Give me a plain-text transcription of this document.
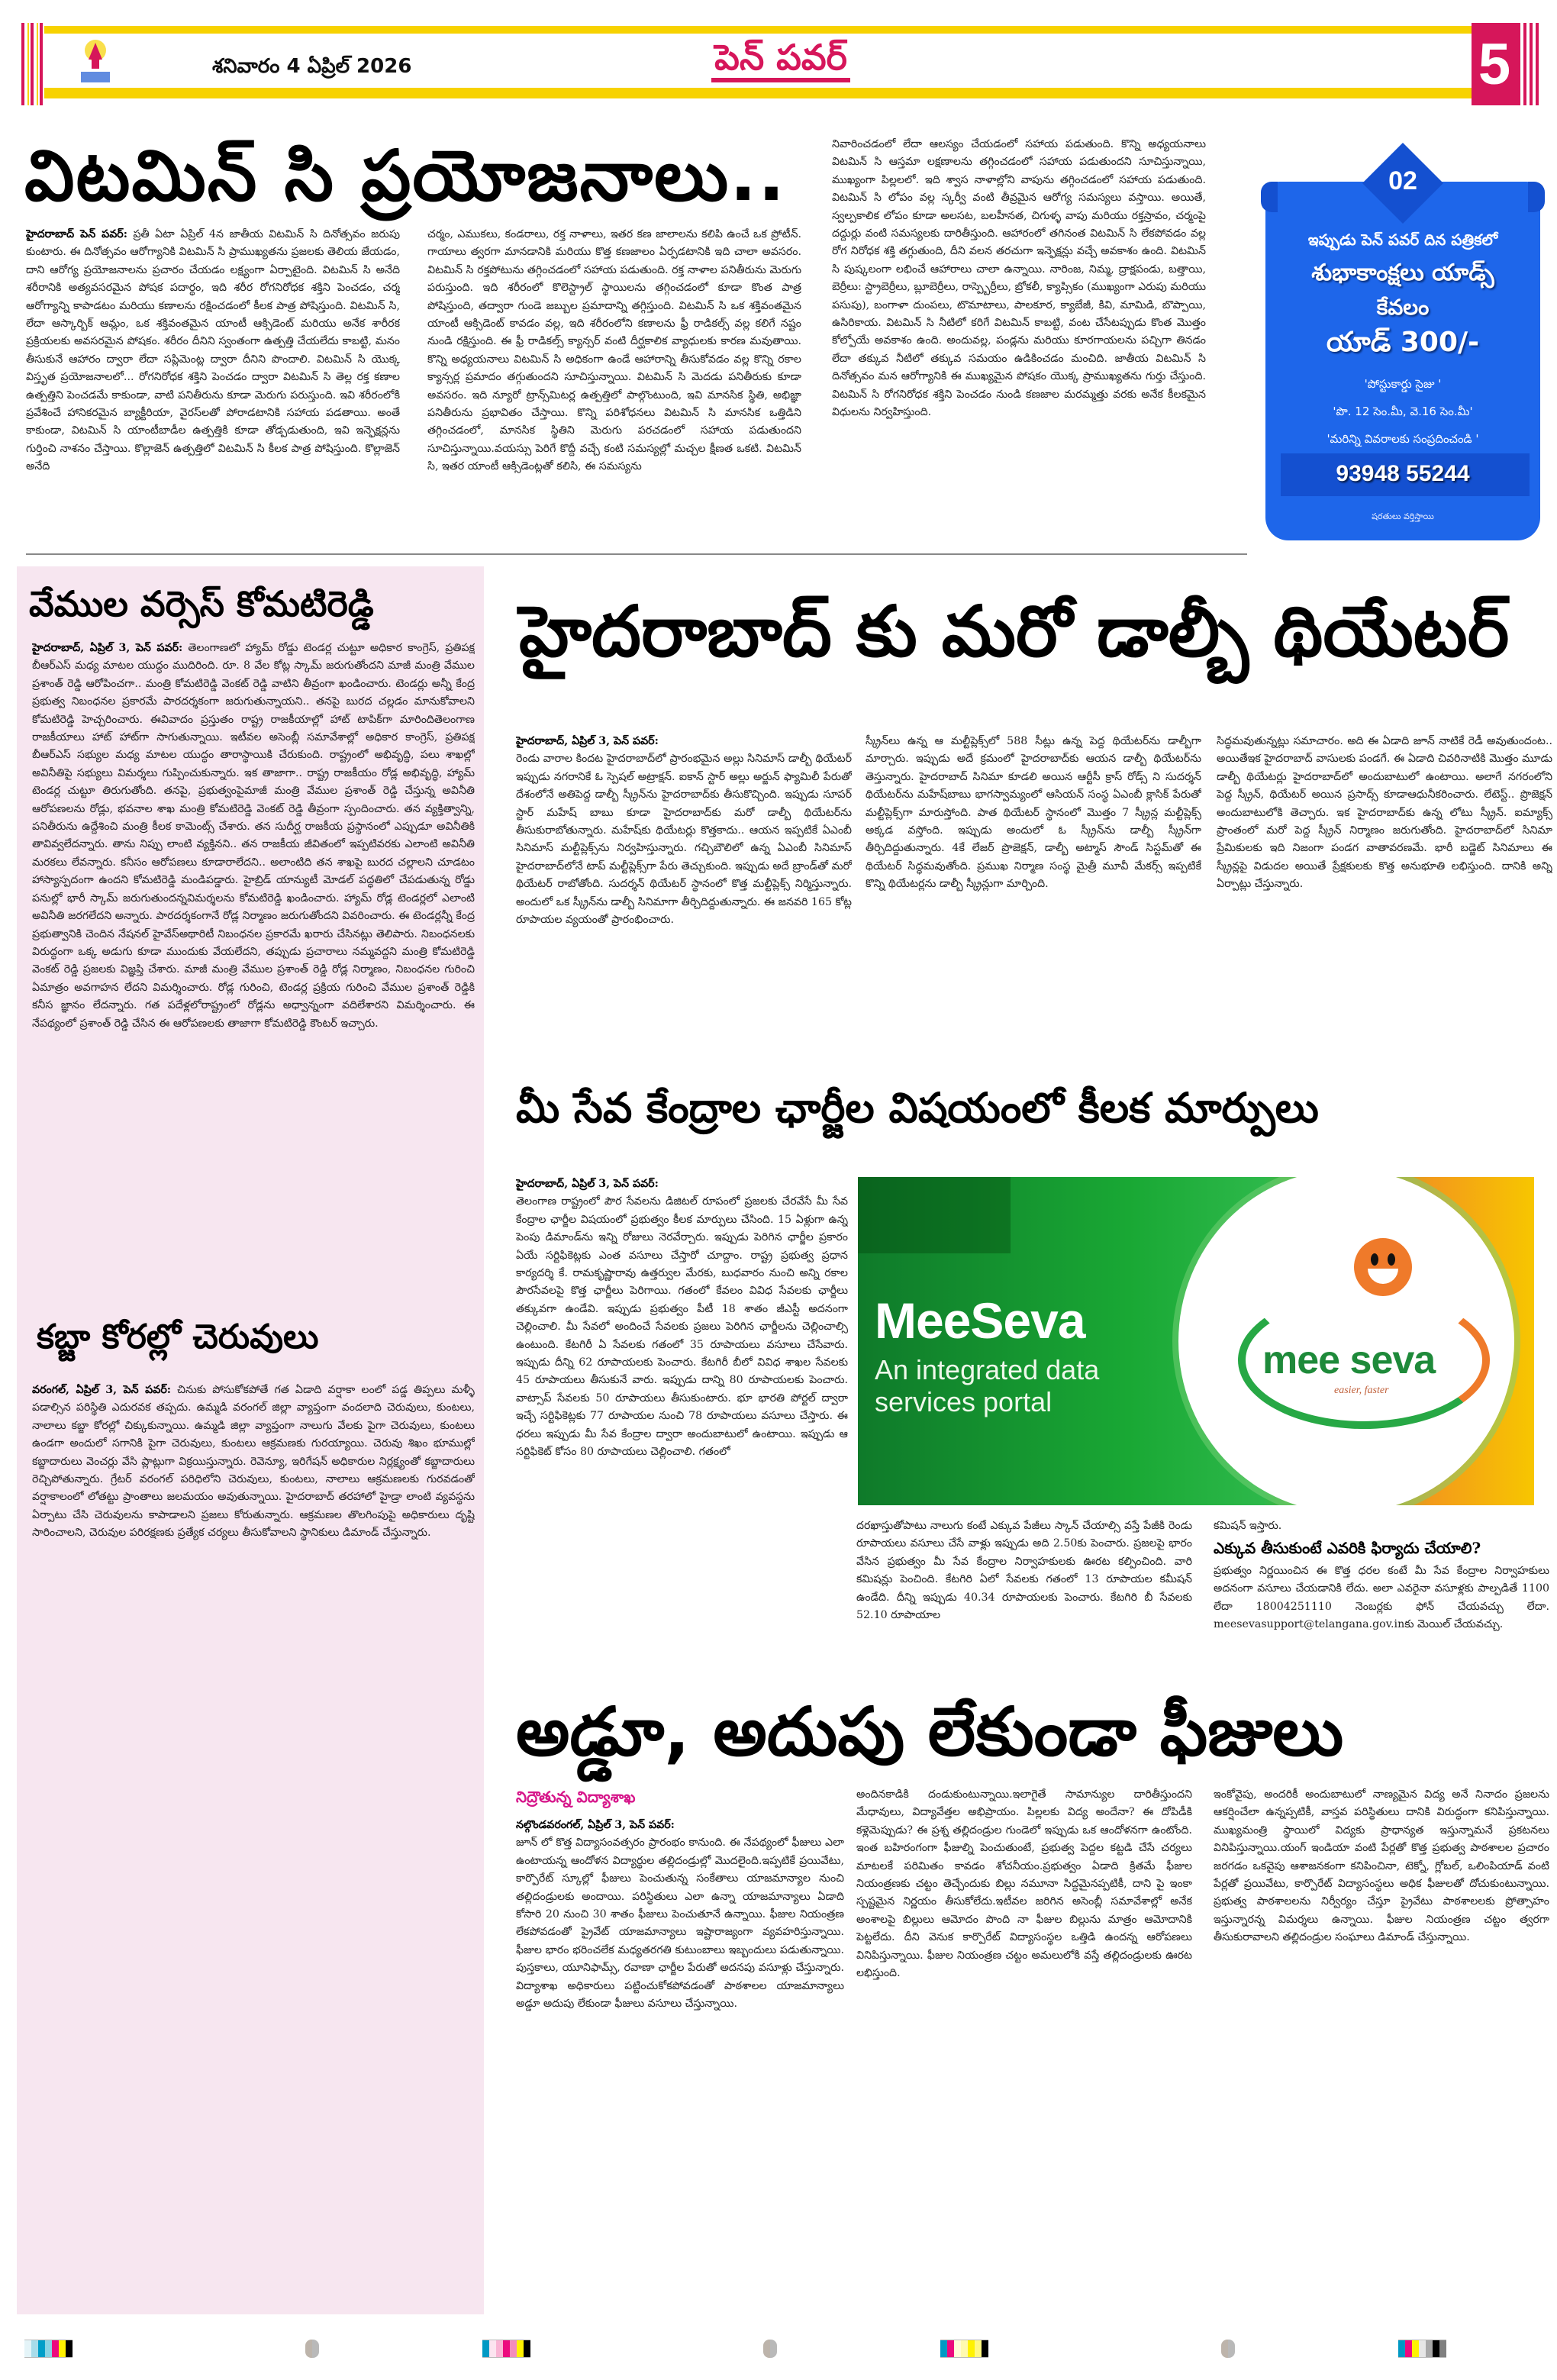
శనివారం 4 ఏప్రిల్ 2026	పెన్ పవర్	5
విటమిన్ సి ప్రయోజనాలు..
హైదరాబాద్ పెన్ పవర్: ప్రతీ ఏటా ఏప్రిల్ 4న జాతీయ విటమిన్ సి దినోత్సవం జరుపు కుంటారు. ఈ దినోత్సవం ఆరోగ్యానికి విటమిన్ సి ప్రాముఖ్యతను ప్రజలకు తెలియ జేయడం, దాని ఆరోగ్య ప్రయోజనాలను ప్రచారం చేయడం లక్ష్యంగా ఏర్పాటైంది. విటమిన్ సి అనేది శరీరానికి అత్యవసరమైన పోషక పదార్థం, ఇది శరీర రోగనిరోధక శక్తిని పెంచడం, చర్మ ఆరోగ్యాన్ని కాపాడటం మరియు కణాలను రక్షించడంలో కీలక పాత్ర పోషిస్తుంది. విటమిన్ సి, లేదా ఆస్కార్బిక్ ఆమ్లం, ఒక శక్తివంతమైన యాంటీ ఆక్సిడెంట్ మరియు అనేక శారీరక ప్రక్రియలకు అవసరమైన పోషకం. శరీరం దీనిని స్వంతంగా ఉత్పత్తి చేయలేదు కాబట్టి, మనం తీసుకునే ఆహారం ద్వారా లేదా సప్లిమెంట్ల ద్వారా దీనిని పొందాలి. విటమిన్ సి యొక్క విస్తృత ప్రయోజనాలలో... రోగనిరోధక శక్తిని పెంచడం ద్వారా విటమిన్ సి తెల్ల రక్త కణాల ఉత్పత్తిని పెంచడమే కాకుండా, వాటి పనితీరును కూడా మెరుగు పరుస్తుంది. ఇవి శరీరంలోకి ప్రవేశించే హానికరమైన బ్యాక్టీరియా, వైరస్‌లతో పోరాడటానికి సహాయ పడతాయి. అంతే కాకుండా, విటమిన్ సి యాంటీబాడీల ఉత్పత్తికి కూడా తోడ్పడుతుంది, ఇవి ఇన్ఫెక్షన్లను గుర్తించి నాశనం చేస్తాయి. కొల్లాజెన్ ఉత్పత్తిలో విటమిన్ సి కీలక పాత్ర పోషిస్తుంది. కొల్లాజెన్ అనేది
చర్మం, ఎముకలు, కండరాలు, రక్త నాళాలు, ఇతర కణ జాలాలను కలిపి ఉంచే ఒక ప్రోటీన్. గాయాలు త్వరగా మానడానికి మరియు కొత్త కణజాలం ఏర్పడటానికి ఇది చాలా అవసరం. విటమిన్ సి రక్తపోటును తగ్గించడంలో సహాయ పడుతుంది. రక్త నాళాల పనితీరును మెరుగు పరుస్తుంది. ఇది శరీరంలో కొలెస్ట్రాల్ స్థాయిలను తగ్గించడంలో కూడా కొంత పాత్ర పోషిస్తుంది, తద్వారా గుండె జబ్బుల ప్రమాదాన్ని తగ్గిస్తుంది. విటమిన్ సి ఒక శక్తివంతమైన యాంటీ ఆక్సిడెంట్ కావడం వల్ల, ఇది శరీరంలోని కణాలను ఫ్రీ రాడికల్స్ వల్ల కలిగే నష్టం నుండి రక్షిస్తుంది. ఈ ఫ్రీ రాడికల్స్ క్యాన్సర్ వంటి దీర్ఘకాలిక వ్యాధులకు కారణ మవుతాయి. కొన్ని అధ్యయనాలు విటమిన్ సి అధికంగా ఉండే ఆహారాన్ని తీసుకోవడం వల్ల కొన్ని రకాల క్యాన్సర్ల ప్రమాదం తగ్గుతుందని సూచిస్తున్నాయి. విటమిన్ సి మెదడు పనితీరుకు కూడా అవసరం. ఇది న్యూరో ట్రాన్స్‌మిటర్ల ఉత్పత్తిలో పాల్గొంటుంది, ఇవి మానసిక స్థితి, అభిజ్ఞా పనితీరును ప్రభావితం చేస్తాయి. కొన్ని పరిశోధనలు విటమిన్ సి మానసిక ఒత్తిడిని తగ్గించడంలో, మానసిక స్థితిని మెరుగు పరచడంలో సహాయ పడుతుందని సూచిస్తున్నాయి.వయస్సు పెరిగే కొద్దీ వచ్చే కంటి సమస్యల్లో మచ్చల క్షీణత ఒకటి. విటమిన్ సి, ఇతర యాంటీ ఆక్సిడెంట్లతో కలిసి, ఈ సమస్యను
నివారించడంలో లేదా ఆలస్యం చేయడంలో సహాయ పడుతుంది. కొన్ని అధ్యయనాలు విటమిన్ సి ఆస్తమా లక్షణాలను తగ్గించడంలో సహాయ పడుతుందని సూచిస్తున్నాయి, ముఖ్యంగా పిల్లలలో. ఇది శ్వాస నాళాల్లోని వాపును తగ్గించడంలో సహాయ పడుతుంది. విటమిన్ సి లోపం వల్ల స్కర్వీ వంటి తీవ్రమైన ఆరోగ్య సమస్యలు వస్తాయి. అయితే, స్వల్పకాలిక లోపం కూడా అలసట, బలహీనత, చిగుళ్ళ వాపు మరియు రక్తస్రావం, చర్మంపై దద్దుర్లు వంటి సమస్యలకు దారితీస్తుంది. ఆహారంలో తగినంత విటమిన్ సి లేకపోవడం వల్ల రోగ నిరోధక శక్తి తగ్గుతుంది, దీని వలన తరచుగా ఇన్ఫెక్షన్లు వచ్చే అవకాశం ఉంది. విటమిన్ సి పుష్కలంగా లభించే ఆహారాలు చాలా ఉన్నాయి. నారింజ, నిమ్మ, ద్రాక్షపండు, బత్తాయి, బెర్రీలు: స్ట్రాబెర్రీలు, బ్లూబెర్రీలు, రాస్ప్బెర్రీలు, బ్రోకలీ, క్యాప్సికం (ముఖ్యంగా ఎరుపు మరియు పసుపు), బంగాళా దుంపలు, టొమాటాలు, పాలకూర, క్యాబేజీ, కివి, మామిడి, బొప్పాయి, ఉసిరికాయ. విటమిన్ సి నీటిలో కరిగే విటమిన్ కాబట్టి, వంట చేసేటప్పుడు కొంత మొత్తం కోల్పోయే అవకాశం ఉంది. అందువల్ల, పండ్లను మరియు కూరగాయలను పచ్చిగా తినడం లేదా తక్కువ నీటిలో తక్కువ సమయం ఉడికించడం మంచిది. జాతీయ విటమిన్ సి దినోత్సవం మన ఆరోగ్యానికి ఈ ముఖ్యమైన పోషకం యొక్క ప్రాముఖ్యతను గుర్తు చేస్తుంది. విటమిన్ సి రోగనిరోధక శక్తిని పెంచడం నుండి కణజాల మరమ్మత్తు వరకు అనేక కీలకమైన విధులను నిర్వహిస్తుంది.
02
ఇప్పుడు పెన్ పవర్ దిన పత్రికలో
శుభాకాంక్షలు యాడ్స్
కేవలం
యాడ్ 300/-
'పోస్టుకార్డు సైజు '
'పొ. 12 సెం.మీ, వె.16 సెం.మీ'
'మరిన్ని వివరాలకు సంప్రదించండి '
93948 55244
షరతులు వర్తిస్తాయి
వేముల వర్సెస్ కోమటిరెడ్డి
హైదరాబాద్, ఏప్రిల్ 3, పెన్ పవర్: తెలంగాణలో హ్యామ్ రోడ్డు టెండర్ల చుట్టూ అధికార కాంగ్రెస్, ప్రతిపక్ష బీఆర్ఎస్ మధ్య మాటల యుద్ధం ముదిరింది. రూ. 8 వేల కోట్ల స్కామ్ జరుగుతోందని మాజీ మంత్రి వేముల ప్రశాంత్ రెడ్డి ఆరోపించగా.. మంత్రి కోమటిరెడ్డి వెంకట్ రెడ్డి వాటిని తీవ్రంగా ఖండించారు. టెండర్లు అన్నీ కేంద్ర ప్రభుత్వ నిబంధనల ప్రకారమే పారదర్శకంగా జరుగుతున్నాయని.. తనపై బురద చల్లడం మానుకోవాలని కోమటిరెడ్డి హెచ్చరించారు. ఈవివాదం ప్రస్తుతం రాష్ట్ర రాజకీయాల్లో హాట్ టాపిక్‌గా మారిందితెలంగాణ రాజకీయాలు హాట్ హాట్‌గా సాగుతున్నాయి. ఇటీవల అసెంబ్లీ సమావేశాల్లో అధికార కాంగ్రెస్, ప్రతిపక్ష బీఆర్ఎస్ సభ్యుల మధ్య మాటల యుద్ధం తారాస్థాయికి చేరుకుంది. రాష్ట్రంలో అభివృద్ధి, పలు శాఖల్లో అవినీతిపై సభ్యులు విమర్శలు గుప్పించుకున్నారు. ఇక తాజాగా.. రాష్ట్ర రాజకీయం రోడ్ల అభివృద్ధి, హ్యామ్ టెండర్ల చుట్టూ తిరుగుతోంది. తనపై, ప్రభుత్వంపైమాజీ మంత్రి వేముల ప్రశాంత్ రెడ్డి చేస్తున్న అవినీతి ఆరోపణలను రోడ్లు, భవనాల శాఖ మంత్రి కోమటిరెడ్డి వెంకట్ రెడ్డి తీవ్రంగా స్పందించారు. తన వ్యక్తిత్వాన్ని, పనితీరును ఉద్దేశించి మంత్రి కీలక కామెంట్స్ చేశారు. తన సుదీర్ఘ రాజకీయ ప్రస్థానంలో ఎప్పుడూ అవినీతికి తావివ్వలేదన్నారు. తాను నిప్పు లాంటి వ్యక్తినని.. తన రాజకీయ జీవితంలో ఇప్పటివరకు ఎలాంటి అవినీతి మరకలు లేవన్నారు. కనీసం ఆరోపణలు కూడారాలేదని.. అలాంటిది తన శాఖపై బురద చల్లాలని చూడటం హాస్యాస్పదంగా ఉందని కోమటిరెడ్డి మండిపడ్డారు. హైబ్రిడ్ యాన్యుటీ మోడల్ పద్ధతిలో చేపడుతున్న రోడ్డు పనుల్లో భారీ స్కామ్ జరుగుతుందన్నవిమర్శలను కోమటిరెడ్డి ఖండించారు. హ్యామ్ రోడ్ల టెండర్లలో ఎలాంటి అవినీతి జరగలేదని అన్నారు. పారదర్శకంగానే రోడ్ల నిర్మాణం జరుగుతోందని వివరించారు. ఈ టెండర్లన్నీ కేంద్ర ప్రభుత్వానికి చెందిన నేషనల్ హైవేస్‌అథారిటీ నిబంధనల ప్రకారమే ఖరారు చేసినట్లు తెలిపారు. నిబంధనలకు విరుద్ధంగా ఒక్క అడుగు కూడా ముందుకు వేయలేదని, తప్పుడు ప్రచారాలు నమ్మవద్దని మంత్రి కోమటిరెడ్డి వెంకట్ రెడ్డి ప్రజలకు విజ్ఞప్తి చేశారు. మాజీ మంత్రి వేముల ప్రశాంత్ రెడ్డి రోడ్ల నిర్మాణం, నిబంధనల గురించి ఏమాత్రం అవగాహన లేదని విమర్శించారు. రోడ్ల గురించి, టెండర్ల ప్రక్రియ గురించి వేముల ప్రశాంత్ రెడ్డికి కనీస జ్ఞానం లేదన్నారు. గత పదేళ్లలోరాష్ట్రంలో రోడ్లను అధ్వాన్నంగా వదిలేశారని విమర్శించారు. ఈ నేపథ్యంలో ప్రశాంత్ రెడ్డి చేసిన ఈ ఆరోపణలకు తాజాగా కోమటిరెడ్డి కౌంటర్ ఇచ్చారు.
కబ్జా కోరల్లో చెరువులు
వరంగల్, ఏప్రిల్ 3, పెన్ పవర్: చినుకు పోసుకోకపోతే గత ఏడాది వర్షాకా లంలో పడ్డ తిప్పలు మళ్ళీ పడాల్సిన పరిస్థితి ఎదురవక తప్పదు. ఉమ్మడి వరంగల్ జిల్లా వ్యాప్తంగా వందలాది చెరువులు, కుంటలు, నాలాలు కబ్జా కోరల్లో చిక్కుకున్నాయి. ఉమ్మడి జిల్లా వ్యాప్తంగా నాలుగు వేలకు పైగా చెరువులు, కుంటలు ఉండగా అందులో సగానికి పైగా చెరువులు, కుంటలు ఆక్రమణకు గురయ్యాయి. చెరువు శిఖం భూముల్లో కబ్జాదారులు వెంచర్లు వేసి ప్లాట్లుగా విక్రయిస్తున్నారు. రెవెన్యూ, ఇరిగేషన్ అధికారుల నిర్లక్ష్యంతో కబ్జాదారులు రెచ్చిపోతున్నారు. గ్రేటర్ వరంగల్ పరిధిలోని చెరువులు, కుంటలు, నాలాలు ఆక్రమణలకు గురవడంతో వర్షాకాలంలో లోతట్టు ప్రాంతాలు జలమయం అవుతున్నాయి. హైదరాబాద్ తరహాలో హైడ్రా లాంటి వ్యవస్థను ఏర్పాటు చేసి చెరువులను కాపాడాలని ప్రజలు కోరుతున్నారు. ఆక్రమణల తొలగింపుపై అధికారులు దృష్టి సారించాలని, చెరువుల పరిరక్షణకు ప్రత్యేక చర్యలు తీసుకోవాలని స్థానికులు డిమాండ్ చేస్తున్నారు.
హైదరాబాద్ కు మరో డాల్బీ థియేటర్
హైదరాబాద్, ఏప్రిల్ 3, పెన్ పవర్:
రెండు వారాల కిందట హైదరాబాద్‌లో ప్రారంభమైన అల్లు సినిమాస్ డాల్బీ థియేటర్ ఇప్పుడు నగరానికే ఓ స్పెషల్ అట్రాక్షన్. ఐకాన్ స్టార్ అల్లు అర్జున్ ఫ్యామిలీ పేరుతో దేశంలోనే అతిపెద్ద డాల్బీ స్క్రీన్‌ను హైదరాబాద్‌కు తీసుకొచ్చింది. ఇప్పుడు సూపర్ స్టార్ మహేష్ బాబు కూడా హైదరాబాద్‌కు మరో డాల్బీ థియేటర్‌ను తీసుకురాబోతున్నారు. మహేష్‌కు థియేటర్లు కొత్తకాదు.. ఆయన ఇప్పటికే ఏఎంబీ సినిమాస్ మల్టీప్లెక్స్‌ను నిర్వహిస్తున్నారు. గచ్చిబౌలిలో ఉన్న ఏఎంబీ సినిమాస్ హైదరాబాద్‌లోనే టాప్ మల్టీప్లెక్స్‌గా పేరు తెచ్చుకుంది. ఇప్పుడు అదే బ్రాండ్‌తో మరో థియేటర్ రాబోతోంది. సుదర్శన్ థియేటర్ స్థానంలో కొత్త మల్టీప్లెక్స్ నిర్మిస్తున్నారు. అందులో ఒక స్క్రీన్‌ను డాల్బీ సినిమాగా తీర్చిదిద్దుతున్నారు. ఈ జనవరి 165 కోట్ల రూపాయల వ్యయంతో ప్రారంభించారు.
స్క్రీన్‌లు ఉన్న ఆ మల్టీప్లెక్స్‌లో 588 సీట్లు ఉన్న పెద్ద థియేటర్‌ను డాల్బీగా మార్చారు. ఇప్పుడు అదే క్రమంలో హైదరాబాద్‌కు ఆయన డాల్బీ థియేటర్‌ను తెస్తున్నారు. హైదరాబాద్ సినిమా కూడలి అయిన ఆర్టీసీ క్రాస్ రోడ్స్ ని సుదర్శన్ థియేటర్‌ను మహేష్‌బాబు భాగస్వామ్యంలో ఆసియన్ సంస్థ ఏఎంబీ క్లాసిక్ పేరుతో మల్టీప్లెక్స్‌గా మారుస్తోంది. పాత థియేటర్ స్థానంలో మొత్తం 7 స్క్రీన్ల మల్టీప్లెక్స్ అక్కడ వస్తోంది. ఇప్పుడు అందులో ఓ స్క్రీన్‌ను డాల్బీ స్క్రీన్‌గా తీర్చిదిద్దుతున్నారు. 4కే లేజర్ ప్రొజెక్షన్, డాల్బీ అట్మాస్ సౌండ్ సిస్టమ్‌తో ఈ థియేటర్ సిద్ధమవుతోంది. ప్రముఖ నిర్మాణ సంస్థ మైత్రీ మూవీ మేకర్స్ ఇప్పటికే కొన్ని థియేటర్లను డాల్బీ స్క్రీన్లుగా మార్చింది.
సిద్ధమవుతున్నట్లు సమాచారం. అది ఈ ఏడాది జూన్ నాటికే రెడీ అవుతుందంట.. అయితేఇక హైదరాబాద్ వాసులకు పండగే. ఈ ఏడాది చివరినాటికి మొత్తం మూడు డాల్బీ థియేటర్లు హైదరాబాద్‌లో అందుబాటులో ఉంటాయి. అలాగే నగరంలోని పెద్ద స్క్రీన్, థియేటర్ అయిన ప్రసాద్స్ కూడాఆధునీకరించారు. లేటెస్ట్.. ప్రొజెక్షన్ అందుబాటులోకి తెచ్చారు. ఇక హైదరాబాద్‌కు ఉన్న లోటు స్క్రీన్. ఐమ్యాక్స్ ప్రాంతంలో మరో పెద్ద స్క్రీన్ నిర్మాణం జరుగుతోంది. హైదరాబాద్‌లో సినిమా ప్రేమికులకు ఇది నిజంగా పండగ వాతావరణమే. భారీ బడ్జెట్ సినిమాలు ఈ స్క్రీన్లపై విడుదల అయితే ప్రేక్షకులకు కొత్త అనుభూతి లభిస్తుంది. దానికి అన్ని ఏర్పాట్లు చేస్తున్నారు.
మీ సేవ కేంద్రాల ఛార్జీల విషయంలో కీలక మార్పులు
హైదరాబాద్, ఏప్రిల్ 3, పెన్ పవర్:
తెలంగాణ రాష్ట్రంలో పౌర సేవలను డిజిటల్ రూపంలో ప్రజలకు చేరవేసే మీ సేవ కేంద్రాల ఛార్జీల విషయంలో ప్రభుత్వం కీలక మార్పులు చేసింది. 15 ఏళ్లుగా ఉన్న పెంపు డిమాండ్‌ను ఇన్ని రోజులు నెరవేర్చారు. ఇప్పుడు పెరిగిన ఛార్జీల ప్రకారం ఏయే సర్టిఫికెట్లకు ఎంత వసూలు చేస్తారో చూద్దాం. రాష్ట్ర ప్రభుత్వ ప్రధాన కార్యదర్శి కే. రామకృష్ణారావు ఉత్తర్వుల మేరకు, బుధవారం నుంచి అన్ని రకాల పౌరసేవలపై కొత్త ఛార్జీలు పెరిగాయి. గతంలో కేవలం వివిధ సేవలకు ఛార్జీలు తక్కువగా ఉండేవి. ఇప్పుడు ప్రభుత్వం పీటీ 18 శాతం జీఎస్టీ అదనంగా చెల్లించాలి. మీ సేవలో అందించే సేవలకు ప్రజలు పెరిగిన ఛార్జీలను చెల్లించాల్సి ఉంటుంది. కేటగిరీ ఏ సేవలకు గతంలో 35 రూపాయలు వసూలు చేసేవారు. ఇప్పుడు దీన్ని 62 రూపాయలకు పెంచారు. కేటగిరీ బీలో వివిధ శాఖల సేవలకు 45 రూపాయలు తీసుకునే వారు. ఇప్పుడు దాన్ని 80 రూపాయలకు పెంచారు. వాట్సాప్ సేవలకు 50 రూపాయలు తీసుకుంటారు. భూ భారతి పోర్టల్ ద్వారా ఇచ్చే సర్టిఫికెట్లకు 77 రూపాయల నుంచి 78 రూపాయలు వసూలు చేస్తారు. ఈ ధరలు ఇప్పుడు మీ సేవ కేంద్రాల ద్వారా అందుబాటులో ఉంటాయి. ఇప్పుడు ఆ సర్టిఫికెట్ కోసం 80 రూపాయలు చెల్లించాలి. గతంలో
MeeSeva
An integrated data
services portal
mee seva
easier, faster
దరఖాస్తుతోపాటు నాలుగు కంటే ఎక్కువ పేజీలు స్కాన్ చేయాల్సి వస్తే పేజీకి రెండు రూపాయలు వసూలు చేసే వాళ్లు ఇప్పుడు అది 2.50కు పెంచారు. ప్రజలపై భారం వేసిన ప్రభుత్వం మీ సేవ కేంద్రాల నిర్వాహకులకు ఊరట కల్పించింది. వారి కమిషన్లు పెంచింది. కేటగిరి ఏలో సేవలకు గతంలో 13 రూపాయల కమీషన్ ఉండేది. దీన్ని ఇప్పుడు 40.34 రూపాయలకు పెంచారు. కేటగిరి బీ సేవలకు 52.10 రూపాయాల
కమిషన్ ఇస్తారు.
ఎక్కువ తీసుకుంటే ఎవరికి ఫిర్యాదు చేయాలి?
ప్రభుత్వం నిర్ణయించిన ఈ కొత్త ధరల కంటే మీ సేవ కేంద్రాల నిర్వాహకులు అదనంగా వసూలు చేయడానికి లేదు. అలా ఎవరైనా వసూళ్లకు పాల్పడితే 1100 లేదా 18004251110 నెంబర్లకు ఫోన్ చేయవచ్చు లేదా. meesevasupport@telangana.gov.inకు మెయిల్ చేయవచ్చు.
అడ్డూ, అదుపు లేకుండా ఫీజులు
నిద్రౌతున్న విద్యాశాఖ
నల్గొండవరంగల్, ఏప్రిల్ 3, పెన్ పవర్:
జూన్ లో కొత్త విద్యాసంవత్సరం ప్రారంభం కానుంది. ఈ నేపథ్యంలో ఫీజులు ఎలా ఉంటాయన్న ఆందోళన విద్యార్థుల తల్లిదండ్రుల్లో మొదలైంది.ఇప్పటికే ప్రయివేటు, కార్పొరేట్ స్కూల్లో ఫీజులు పెంచుతున్న సంకేతాలు యాజమాన్యాల నుంచి తల్లిదండ్రులకు అందాయి. పరిస్థితులు ఎలా ఉన్నా యాజమాన్యాలు ఏడాది కోసారి 20 నుంచి 30 శాతం ఫీజులు పెంచుతూనే ఉన్నాయి. ఫీజుల నియంత్రణ లేకపోవడంతో ప్రైవేట్ యాజమాన్యాలు ఇష్టారాజ్యంగా వ్యవహరిస్తున్నాయి. ఫీజుల భారం భరించలేక మధ్యతరగతి కుటుంబాలు ఇబ్బందులు పడుతున్నాయి. పుస్తకాలు, యూనిఫామ్స్, రవాణా ఛార్జీల పేరుతో అదనపు వసూళ్లు చేస్తున్నారు. విద్యాశాఖ అధికారులు పట్టించుకోకపోవడంతో పాఠశాలల యాజమాన్యాలు అడ్డూ అదుపు లేకుండా ఫీజులు వసూలు చేస్తున్నాయి.
అందినకాడికి దండుకుంటున్నాయి.ఇలాగైతే సామాన్యుల దారితీస్తుందని మేధావులు, విద్యావేత్తల అభిప్రాయం. పిల్లలకు విద్య అందేనా? ఈ దోపిడీకి కళ్లెమెప్పుడు? ఈ ప్రశ్న తల్లిదండ్రుల గుండెలో ఇప్పుడు ఒక ఆందోళనగా ఉంటోంది. ఇంత బహిరంగంగా ఫీజుల్ని పెంచుతుంటే, ప్రభుత్వ పెద్దల కట్టడి చేసే చర్యలు మాటలకే పరిమితం కావడం శోచనీయం.ప్రభుత్వం ఏడాది క్రితమే ఫీజుల నియంత్రణకు చట్టం తెచ్చేందుకు బిల్లు నమూనా సిద్ధమైనప్పటికీ, దాని పై ఇంకా స్పష్టమైన నిర్ణయం తీసుకోలేదు.ఇటీవల జరిగిన అసెంబ్లీ సమావేశాల్లో అనేక అంశాలపై బిల్లులు ఆమోదం పొంది నా ఫీజుల బిల్లును మాత్రం ఆమోదానికి పెట్టలేదు. దీని వెనుక కార్పొరేట్ విద్యాసంస్థల ఒత్తిడి ఉందన్న ఆరోపణలు వినిపిస్తున్నాయి. ఫీజుల నియంత్రణ చట్టం అమలులోకి వస్తే తల్లిదండ్రులకు ఊరట లభిస్తుంది.
ఇంకోవైపు, అందరికీ అందుబాటులో నాణ్యమైన విద్య అనే నినాదం ప్రజలను ఆకర్షించేలా ఉన్నప్పటికీ, వాస్తవ పరిస్థితులు దానికి విరుద్ధంగా కనిపిస్తున్నాయి. ముఖ్యమంత్రి స్థాయిలో విద్యకు ప్రాధాన్యత ఇస్తున్నామనే ప్రకటనలు వినిపిస్తున్నాయి.యంగ్ ఇండియా వంటి పేర్లతో కొత్త ప్రభుత్వ పాఠశాలల ప్రచారం జరగడం ఒకవైపు ఆశాజనకంగా కనిపించినా, టెక్నో, గ్లోబల్, ఒలింపియాడ్ వంటి పేర్లతో ప్రయివేటు, కార్పొరేట్ విద్యాసంస్థలు అధిక ఫీజులతో దోచుకుంటున్నాయి. ప్రభుత్వ పాఠశాలలను నిర్వీర్యం చేస్తూ ప్రైవేటు పాఠశాలలకు ప్రోత్సాహం ఇస్తున్నారన్న విమర్శలు ఉన్నాయి. ఫీజుల నియంత్రణ చట్టం త్వరగా తీసుకురావాలని తల్లిదండ్రుల సంఘాలు డిమాండ్ చేస్తున్నాయి.
